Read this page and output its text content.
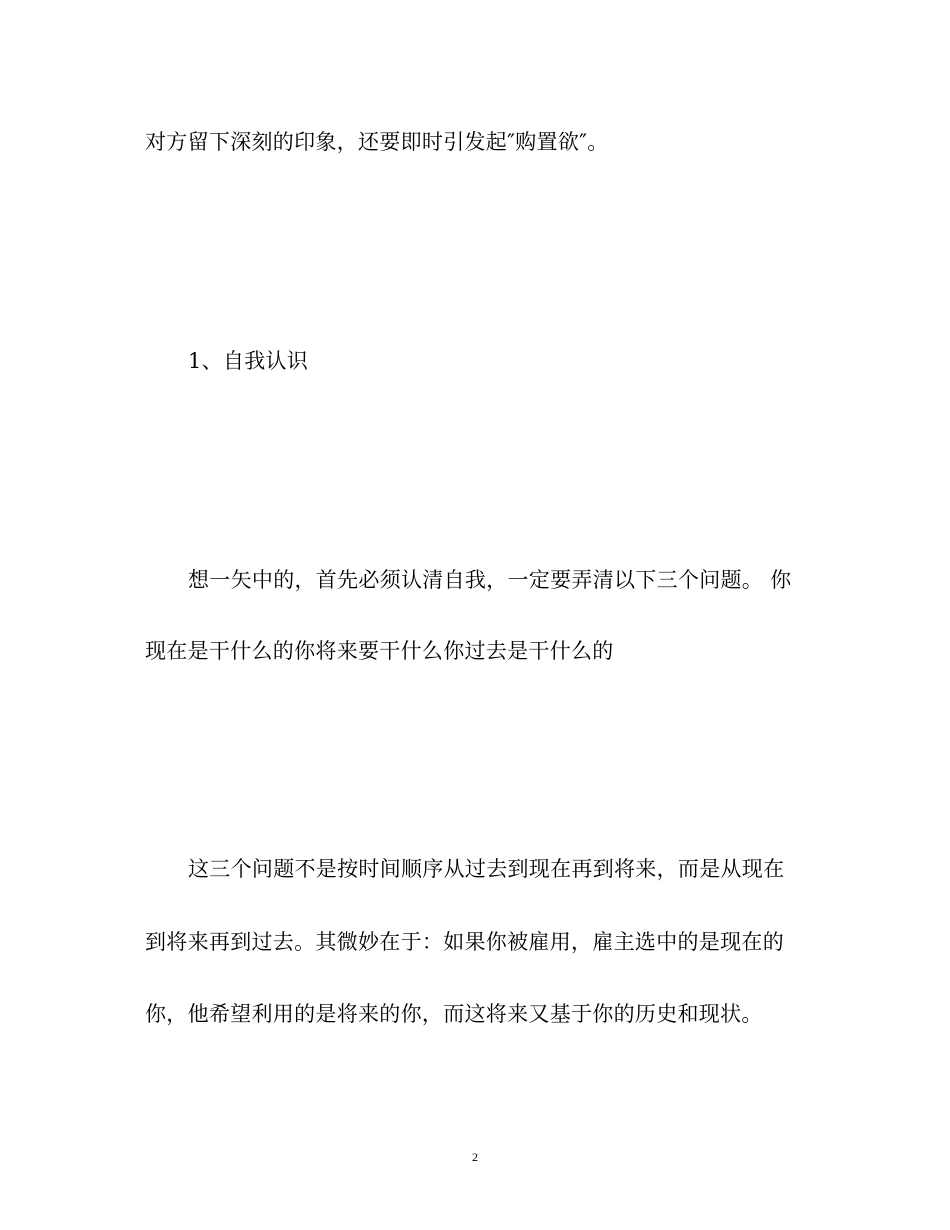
对方留下深刻的印象，还要即时引发起″购置欲″。
1、自我认识
想一矢中的，首先必须认清自我，一定要弄清以下三个问题。 你
现在是干什么的你将来要干什么你过去是干什么的
这三个问题不是按时间顺序从过去到现在再到将来，而是从现在
到将来再到过去。其微妙在于：如果你被雇用，雇主选中的是现在的
你，他希望利用的是将来的你，而这将来又基于你的历史和现状。
2
